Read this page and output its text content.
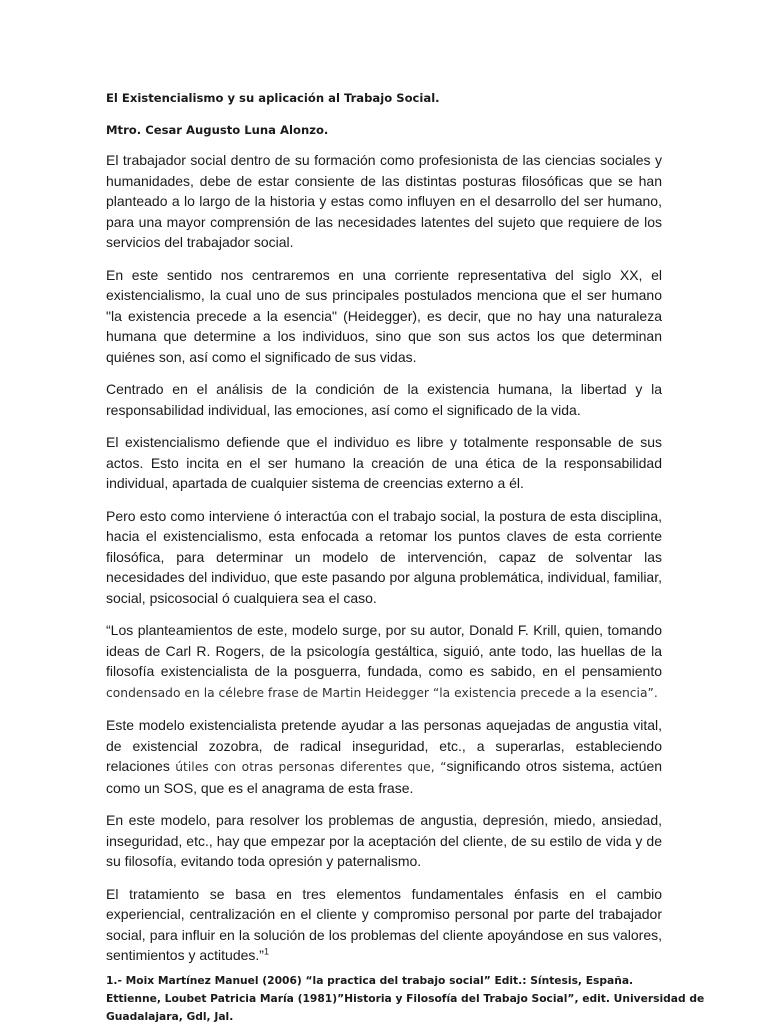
El Existencialismo y su aplicación al Trabajo Social.

Mtro. Cesar Augusto Luna Alonzo.

El trabajador social dentro de su formación como profesionista de las ciencias sociales y humanidades, debe de estar consiente de las distintas posturas filosóficas que se han planteado a lo largo de la historia y estas como influyen en el desarrollo del ser humano, para una mayor comprensión de las necesidades latentes del sujeto que requiere de los servicios del trabajador social.

En este sentido nos centraremos en una corriente representativa del siglo XX, el existencialismo, la cual uno de sus principales postulados menciona que el ser humano "la existencia precede a la esencia" (Heidegger), es decir, que no hay una naturaleza humana que determine a los individuos, sino que son sus actos los que determinan quiénes son, así como el significado de sus vidas.

Centrado en el análisis de la condición de la existencia humana, la libertad y la responsabilidad individual, las emociones, así como el significado de la vida.

El existencialismo defiende que el individuo es libre y totalmente responsable de sus actos. Esto incita en el ser humano la creación de una ética de la responsabilidad individual, apartada de cualquier sistema de creencias externo a él.

Pero esto como interviene ó interactúa con el trabajo social, la postura de esta disciplina, hacia el existencialismo, esta enfocada a retomar los puntos claves de esta corriente filosófica, para determinar un modelo de intervención, capaz de solventar las necesidades del individuo, que este pasando por alguna problemática, individual, familiar, social, psicosocial ó cualquiera sea el caso.

“Los planteamientos de este, modelo surge, por su autor, Donald F. Krill, quien, tomando ideas de Carl R. Rogers, de la psicología gestáltica, siguió, ante todo, las huellas de la filosofía existencialista de la posguerra, fundada, como es sabido, en el pensamiento condensado en la célebre frase de Martin Heidegger “la existencia precede a la esencia”.

Este modelo existencialista pretende ayudar a las personas aquejadas de angustia vital, de existencial zozobra, de radical inseguridad, etc., a superarlas, estableciendo relaciones útiles con otras personas diferentes que, “significando otros sistema, actúen como un SOS, que es el anagrama de esta frase.

En este modelo, para resolver los problemas de angustia, depresión, miedo, ansiedad, inseguridad, etc., hay que empezar por la aceptación del cliente, de su estilo de vida y de su filosofía, evitando toda opresión y paternalismo.

El tratamiento se basa en tres elementos fundamentales énfasis en el cambio experiencial, centralización en el cliente y compromiso personal por parte del trabajador social, para influir en la solución de los problemas del cliente apoyándose en sus valores, sentimientos y actitudes.”$^1$

1.- Moix Martínez Manuel (2006) “la practica del trabajo social” Edit.: Síntesis, España.
Ettienne, Loubet Patricia María (1981)”Historia y Filosofía del Trabajo Social”, edit. Universidad de
Guadalajara, Gdl, Jal.
